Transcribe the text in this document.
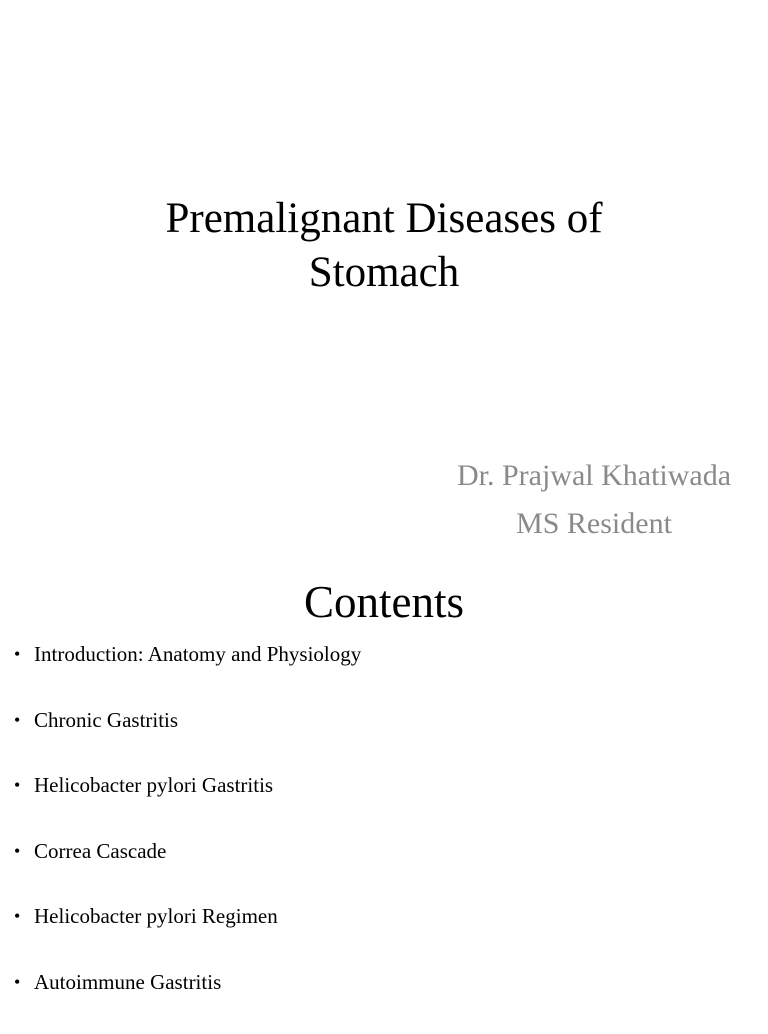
Premalignant Diseases of
Stomach
Dr. Prajwal Khatiwada
MS Resident
Contents
• Introduction: Anatomy and Physiology
• Chronic Gastritis
• Helicobacter pylori Gastritis
• Correa Cascade
• Helicobacter pylori Regimen
• Autoimmune Gastritis
